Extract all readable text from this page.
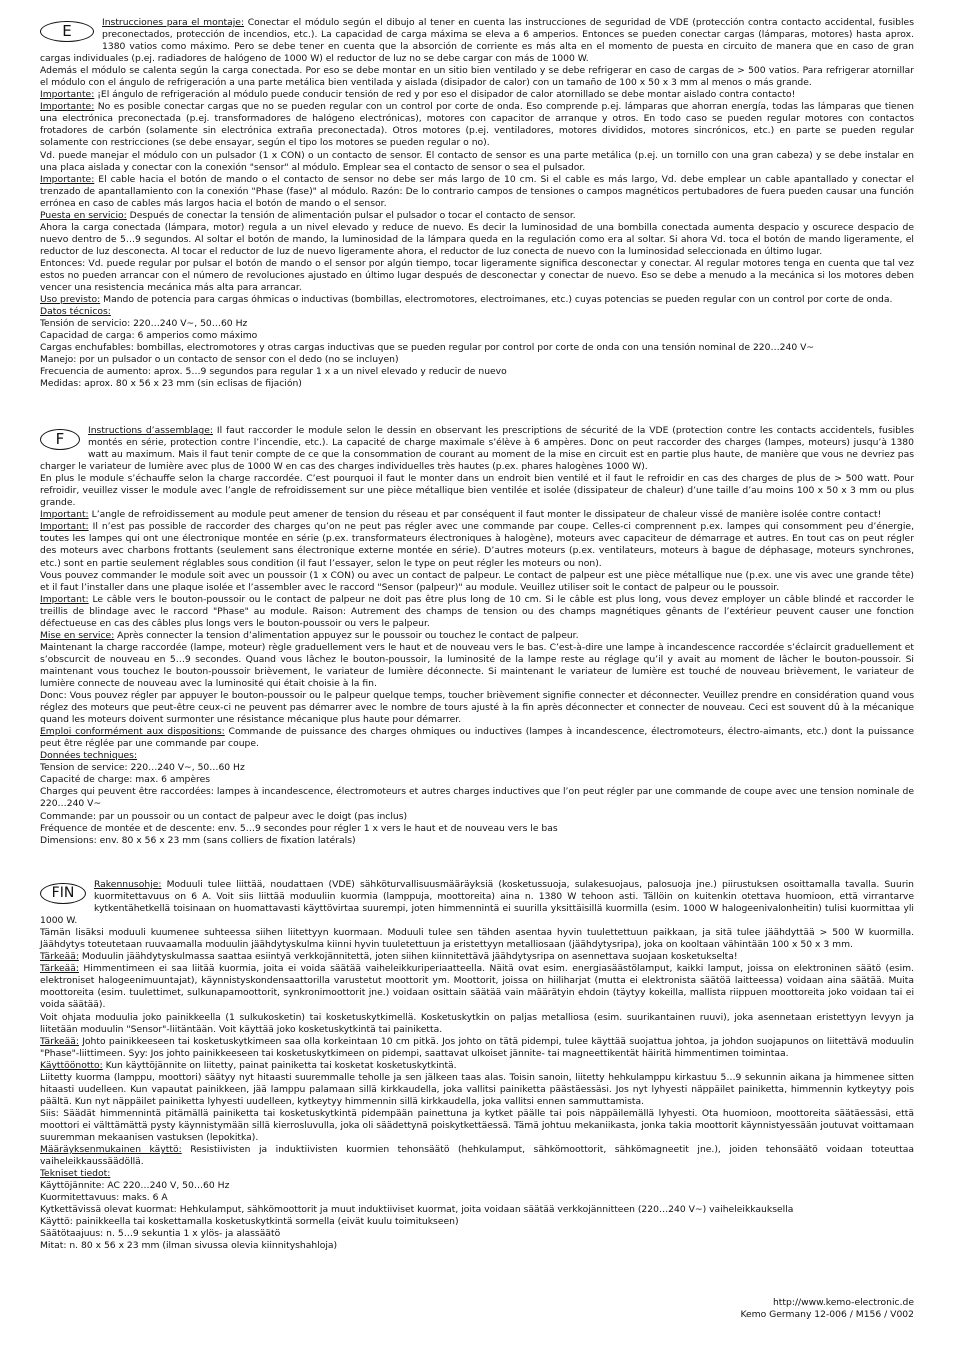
E	Instrucciones para el montaje: Conectar el módulo según el dibujo al tener en cuenta las instrucciones de seguridad de VDE (protección contra contacto accidental, fusibles preconectados, protección de incendios, etc.). La capacidad de carga máxima se eleva a 6 amperios. Entonces se pueden conectar cargas (lámparas, motores) hasta aprox. 1380 vatios como máximo. Pero se debe tener en cuenta que la absorción de corriente es más alta en el momento de puesta en circuito de manera que en caso de gran cargas individuales (p.ej. radiadores de halógeno de 1000 W) el reductor de luz no se debe cargar con más de 1000 W.

Además el módulo se calenta según la carga conectada. Por eso se debe montar en un sitio bien ventilado y se debe refrigerar en caso de cargas de > 500 vatios. Para refrigerar atornillar el módulo con el ángulo de refrigeración a una parte metálica bien ventilada y aislada (disipador de calor) con un tamaño de 100 x 50 x 3 mm al menos o más grande.

Importante: ¡El ángulo de refrigeración al módulo puede conducir tensión de red y por eso el disipador de calor atornillado se debe montar aislado contra contacto!

Importante: No es posible conectar cargas que no se pueden regular con un control por corte de onda. Eso comprende p.ej. lámparas que ahorran energía, todas las lámparas que tienen una electrónica preconectada (p.ej. transformadores de halógeno electrónicas), motores con capacitor de arranque y otros. En todo caso se pueden regular motores con contactos frotadores de carbón (solamente sin electrónica extraña preconectada). Otros motores (p.ej. ventiladores, motores divididos, motores sincrónicos, etc.) en parte se pueden regular solamente con restricciones (se debe ensayar, según el tipo los motores se pueden regular o no).

Vd. puede manejar el módulo con un pulsador (1 x CON) o un contacto de sensor. El contacto de sensor es una parte metálica (p.ej. un tornillo con una gran cabeza) y se debe instalar en una placa aislada y conectar con la conexión "sensor" al módulo. Emplear sea el contacto de sensor o sea el pulsador.

Importante: El cable hacia el botón de mando o el contacto de sensor no debe ser más largo de 10 cm. Si el cable es más largo, Vd. debe emplear un cable apantallado y conectar el trenzado de apantallamiento con la conexión "Phase (fase)" al módulo. Razón: De lo contrario campos de tensiones o campos magnéticos pertubadores de fuera pueden causar una función errónea en caso de cables más largos hacia el botón de mando o el sensor.

Puesta en servicio: Después de conectar la tensión de alimentación pulsar el pulsador o tocar el contacto de sensor.

Ahora la carga conectada (lámpara, motor) regula a un nivel elevado y reduce de nuevo. Es decir la luminosidad de una bombilla conectada aumenta despacio y oscurece despacio de nuevo dentro de 5…9 segundos. Al soltar el botón de mando, la luminosidad de la lámpara queda en la regulación como era al soltar. Si ahora Vd. toca el botón de mando ligeramente, el reductor de luz desconecta. Al tocar el reductor de luz de nuevo ligeramente ahora, el reductor de luz conecta de nuevo con la luminosidad seleccionada en último lugar.

Entonces: Vd. puede regular por pulsar el botón de mando o el sensor por algún tiempo, tocar ligeramente significa desconectar y conectar. Al regular motores tenga en cuenta que tal vez estos no pueden arrancar con el número de revoluciones ajustado en último lugar después de desconectar y conectar de nuevo. Eso se debe a menudo a la mecánica si los motores deben vencer una resistencia mecánica más alta para arrancar.

Uso previsto: Mando de potencia para cargas óhmicas o inductivas (bombillas, electromotores, electroimanes, etc.) cuyas potencias se pueden regular con un control por corte de onda.

Datos técnicos:

Tensión de servicio: 220…240 V~, 50…60 Hz

Capacidad de carga: 6 amperios como máximo

Cargas enchufables: bombillas, electromotores y otras cargas inductivas que se pueden regular por control por corte de onda con una tensión nominal de 220…240 V~

Manejo: por un pulsador o un contacto de sensor con el dedo (no se incluyen)

Frecuencia de aumento: aprox. 5…9 segundos para regular 1 x a un nivel elevado y reducir de nuevo

Medidas: aprox. 80 x 56 x 23 mm (sin eclisas de fijación)

F	Instructions d’assemblage: Il faut raccorder le module selon le dessin en observant les prescriptions de sécurité de la VDE (protection contre les contacts accidentels, fusibles montés en série, protection contre l’incendie, etc.). La capacité de charge maximale s’élève à 6 ampères. Donc on peut raccorder des charges (lampes, moteurs) jusqu’à 1380 watt au maximum. Mais il faut tenir compte de ce que la consommation de courant au moment de la mise en circuit est en partie plus haute, de manière que vous ne devriez pas charger le variateur de lumière avec plus de 1000 W en cas des charges individuelles très hautes (p.ex. phares halogènes 1000 W).

En plus le module s’échauffe selon la charge raccordée. C’est pourquoi il faut le monter dans un endroit bien ventilé et il faut le refroidir en cas des charges de plus de > 500 watt. Pour refroidir, veuillez visser le module avec l’angle de refroidissement sur une pièce métallique bien ventilée et isolée (dissipateur de chaleur) d’une taille d’au moins 100 x 50 x 3 mm ou plus grande.

Important: L’angle de refroidissement au module peut amener de tension du réseau et par conséquent il faut monter le dissipateur de chaleur vissé de manière isolée contre contact!

Important: Il n’est pas possible de raccorder des charges qu’on ne peut pas régler avec une commande par coupe. Celles-ci comprennent p.ex. lampes qui consomment peu d’énergie, toutes les lampes qui ont une électronique montée en série (p.ex. transformateurs électroniques à halogène), moteurs avec capaciteur de démarrage et autres. En tout cas on peut régler des moteurs avec charbons frottants (seulement sans électronique externe montée en série). D’autres moteurs (p.ex. ventilateurs, moteurs à bague de déphasage, moteurs synchrones, etc.) sont en partie seulement réglables sous condition (il faut l’essayer, selon le type on peut régler les moteurs ou non).

Vous pouvez commander le module soit avec un poussoir (1 x CON) ou avec un contact de palpeur. Le contact de palpeur est une pièce métallique nue (p.ex. une vis avec une grande tête) et il faut l’installer dans une plaque isolée et l’assembler avec le raccord "Sensor (palpeur)" au module. Veuillez utiliser soit le contact de palpeur ou le poussoir.

Important: Le câble vers le bouton-poussoir ou le contact de palpeur ne doit pas être plus long de 10 cm. Si le câble est plus long, vous devez employer un câble blindé et raccorder le treillis de blindage avec le raccord "Phase" au module. Raison: Autrement des champs de tension ou des champs magnétiques gênants de l’extérieur peuvent causer une fonction défectueuse en cas des câbles plus longs vers le bouton-poussoir ou vers le palpeur.

Mise en service: Après connecter la tension d’alimentation appuyez sur le poussoir ou touchez le contact de palpeur.

Maintenant la charge raccordée (lampe, moteur) règle graduellement vers le haut et de nouveau vers le bas. C’est-à-dire une lampe à incandescence raccordée s’éclaircit graduellement et s’obscurcit de nouveau en 5…9 secondes. Quand vous lâchez le bouton-poussoir, la luminosité de la lampe reste au réglage qu’il y avait au moment de lâcher le bouton-poussoir. Si maintenant vous touchez le bouton-poussoir brièvement, le variateur de lumière déconnecte. Si maintenant le variateur de lumière est touché de nouveau brièvement, le variateur de lumière connecte de nouveau avec la luminosité qui était choisie à la fin.

Donc: Vous pouvez régler par appuyer le bouton-poussoir ou le palpeur quelque temps, toucher brièvement signifie connecter et déconnecter. Veuillez prendre en considération quand vous réglez des moteurs que peut-être ceux-ci ne peuvent pas démarrer avec le nombre de tours ajusté à la fin après déconnecter et connecter de nouveau. Ceci est souvent dû à la mécanique quand les moteurs doivent surmonter une résistance mécanique plus haute pour démarrer.

Emploi conformément aux dispositions: Commande de puissance des charges ohmiques ou inductives (lampes à incandescence, électromoteurs, électro-aimants, etc.) dont la puissance peut être réglée par une commande par coupe.

Données techniques:

Tension de service: 220…240 V~, 50…60 Hz

Capacité de charge: max. 6 ampères

Charges qui peuvent être raccordées: lampes à incandescence, électromoteurs et autres charges inductives que l’on peut régler par une commande de coupe avec une tension nominale de 220…240 V~

Commande: par un poussoir ou un contact de palpeur avec le doigt (pas inclus)

Fréquence de montée et de descente: env. 5…9 secondes pour régler 1 x vers le haut et de nouveau vers le bas

Dimensions: env. 80 x 56 x 23 mm (sans colliers de fixation latérals)

FIN

Rakennusohje: Moduuli tulee liittää, noudattaen (VDE) sähköturvallisuusmääräyksiä (kosketussuoja, sulakesuojaus, palosuoja jne.) piirustuksen osoittamalla tavalla. Suurin kuormitettavuus on 6 A. Voit siis liittää moduuliin kuormia (lamppuja, moottoreita) aina n. 1380 W tehoon asti. Tällöin on kuitenkin otettava huomioon, että virrantarve kytkentähetkellä toisinaan on huomattavasti käyttövirtaa suurempi, joten himmennintä ei suurilla yksittäisillä kuormilla (esim. 1000 W halogeenivalonheitin) tulisi kuormittaa yli 1000 W.

Tämän lisäksi moduuli kuumenee suhteessa siihen liitettyyn kuormaan. Moduuli tulee sen tähden asentaa hyvin tuulettettuun paikkaan, ja sitä tulee jäähdyttää > 500 W kuormilla. Jäähdytys toteutetaan ruuvaamalla moduulin jäähdytyskulma kiinni hyvin tuuletettuun ja eristettyyn metalliosaan (jäähdytysripa), joka on kooltaan vähintään 100 x 50 x 3 mm.

Tärkeää: Moduulin jäähdytyskulmassa saattaa esiintyä verkkojännitettä, joten siihen kiinnitettävä jäähdytysripa on asennettava suojaan kosketukselta!

Tärkeää: Himmentimeen ei saa liitää kuormia, joita ei voida säätää vaiheleikkuriperiaatteella. Näitä ovat esim. energiasäästölamput, kaikki lamput, joissa on elektroninen säätö (esim. elektroniset halogeenimuuntajat), käynnistyskondensaattorilla varustetut moottorit ym. Moottorit, joissa on hiiliharjat (mutta ei elektronista säätöä laitteessa) voidaan aina säätää. Muita moottoreita (esim. tuulettimet, sulkunapamoottorit, synkronimoottorit jne.) voidaan osittain säätää vain määrätyin ehdoin (täytyy kokeilla, mallista riippuen moottoreita joko voidaan tai ei voida säätää).

Voit ohjata moduulia joko painikkeella (1 sulkukosketin) tai kosketuskytkimellä. Kosketuskytkin on paljas metalliosa (esim. suurikantainen ruuvi), joka asennetaan eristettyyn levyyn ja liitetään moduulin "Sensor"-liitäntään. Voit käyttää joko kosketuskytkintä tai painiketta.

Tärkeää: Johto painikkeeseen tai kosketuskytkimeen saa olla korkeintaan 10 cm pitkä. Jos johto on tätä pidempi, tulee käyttää suojattua johtoa, ja johdon suojapunos on liitettävä moduulin "Phase"-liittimeen. Syy: Jos johto painikkeeseen tai kosketuskytkimeen on pidempi, saattavat ulkoiset jännite- tai magneettikentät häiritä himmentimen toimintaa.

Käyttöönotto: Kun käyttöjännite on liitetty, painat painiketta tai kosketat kosketuskytkintä.

Liitetty kuorma (lamppu, moottori) säätyy nyt hitaasti suuremmalle teholle ja sen jälkeen taas alas. Toisin sanoin, liitetty hehkulamppu kirkastuu 5…9 sekunnin aikana ja himmenee sitten hitaasti uudelleen. Kun vapautat painikkeen, jää lamppu palamaan sillä kirkkaudella, joka vallitsi painiketta päästäessäsi. Jos nyt lyhyesti näppäilet painiketta, himmennin kytkeytyy pois päältä. Kun nyt näppäilet painiketta lyhyesti uudelleen, kytkeytyy himmennin sillä kirkkaudella, joka vallitsi ennen sammuttamista.

Siis: Säädät himmennintä pitämällä painiketta tai kosketuskytkintä pidempään painettuna ja kytket päälle tai pois näppäilemällä lyhyesti. Ota huomioon, moottoreita säätäessäsi, että moottori ei välttämättä pysty käynnistymään sillä kierrosluvulla, joka oli säädettynä poiskytkettäessä. Tämä johtuu mekaniikasta, jonka takia moottorit käynnistyessään joutuvat voittamaan suuremman mekaanisen vastuksen (lepokitka).

Määräyksenmukainen käyttö: Resistiivisten ja induktiivisten kuormien tehonsäätö (hehkulamput, sähkömoottorit, sähkömagneetit jne.), joiden tehonsäätö voidaan toteuttaa vaiheleikkaussäädöllä.

Tekniset tiedot:

Käyttöjännite: AC 220…240 V, 50…60 Hz

Kuormitettavuus: maks. 6 A

Kytkettävissä olevat kuormat: Hehkulamput, sähkömoottorit ja muut induktiiviset kuormat, joita voidaan säätää verkkojännitteen (220…240 V~) vaiheleikkauksella

Käyttö: painikkeella tai koskettamalla kosketuskytkintä sormella (eivät kuulu toimitukseen)

Säätötaajuus: n. 5…9 sekuntia 1 x ylös- ja alassäätö

Mitat: n. 80 x 56 x 23 mm (ilman sivussa olevia kiinnityshahloja)

http://www.kemo-electronic.de
Kemo Germany 12-006 / M156 / V002
